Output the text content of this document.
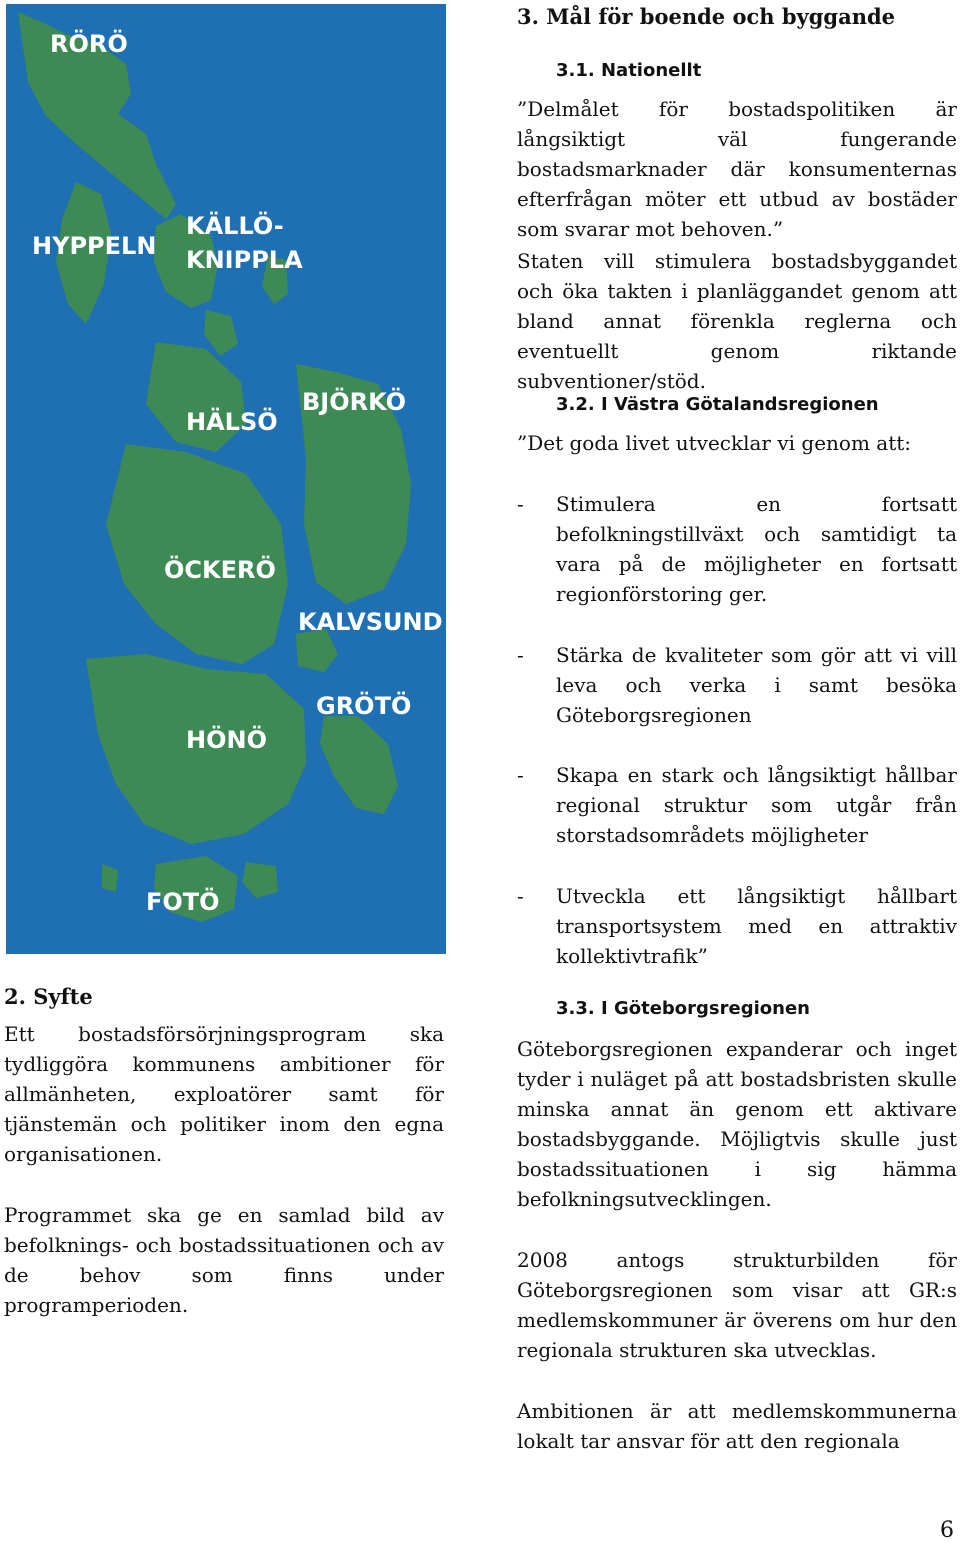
RÖRÖ
HYPPELN
KÄLLÖ-
KNIPPLA
HÄLSÖ
BJÖRKÖ
ÖCKERÖ
KALVSUND
GRÖTÖ
HÖNÖ
FOTÖ
3. Mål för boende och byggande
3.1. Nationellt

”Delmålet för bostadspolitiken är långsiktigt väl fungerande bostadsmarknader där konsumenternas efterfrågan möter ett utbud av bostäder som svarar mot behoven.”

Staten vill stimulera bostadsbyggandet och öka takten i planläggandet genom att bland annat förenkla reglerna och eventuellt genom riktande subventioner/stöd.

3.2. I Västra Götalandsregionen

”Det goda livet utvecklar vi genom att:

- Stimulera en fortsatt befolkningstillväxt och samtidigt ta vara på de möjligheter en fortsatt regionförstoring ger.
- Stärka de kvaliteter som gör att vi vill leva och verka i samt besöka Göteborgsregionen
- Skapa en stark och långsiktigt hållbar regional struktur som utgår från storstadsområdets möjligheter
- Utveckla ett långsiktigt hållbart transportsystem med en attraktiv kollektivtrafik”
3.3. I Göteborgsregionen

Göteborgsregionen expanderar och inget tyder i nuläget på att bostadsbristen skulle minska annat än genom ett aktivare bostadsbyggande. Möjligtvis skulle just bostadssituationen i sig hämma befolkningsutvecklingen.

2008 antogs strukturbilden för Göteborgsregionen som visar att GR:s medlemskommuner är överens om hur den regionala strukturen ska utvecklas.

Ambitionen är att medlemskommunerna lokalt tar ansvar för att den regionala

2. Syfte

Ett bostadsförsörjningsprogram ska tydliggöra kommunens ambitioner för allmänheten, exploatörer samt för tjänstemän och politiker inom den egna organisationen.

Programmet ska ge en samlad bild av befolknings- och bostadssituationen och av de behov som finns under programperioden.

6
